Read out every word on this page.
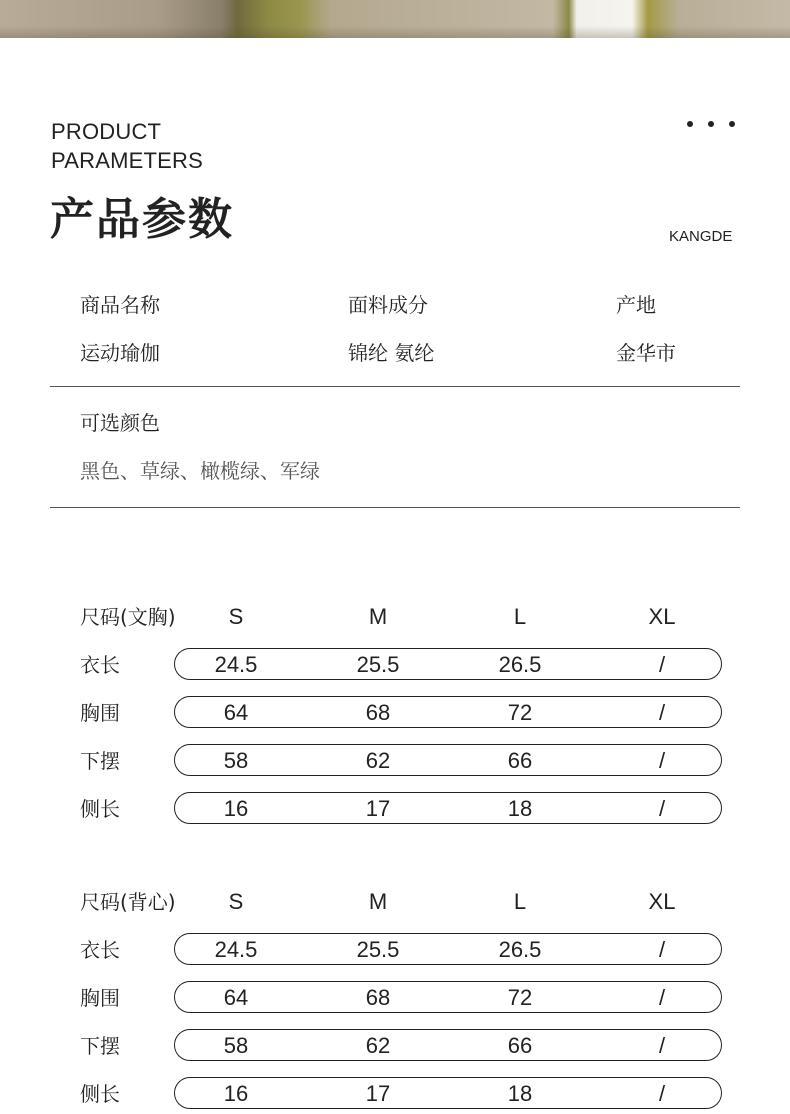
PRODUCT
PARAMETERS
产品参数	KANGDE
商品名称	面料成分	产地
运动瑜伽	锦纶 氨纶	金华市
可选颜色
黑色、草绿、橄榄绿、军绿
尺码(文胸)	S	M	L	XL
衣长	24.5	25.5	26.5	/
胸围	64	68	72	/
下摆	58	62	66	/
侧长	16	17	18	/
尺码(背心)	S	M	L	XL
衣长	24.5	25.5	26.5	/
胸围	64	68	72	/
下摆	58	62	66	/
侧长	16	17	18	/
